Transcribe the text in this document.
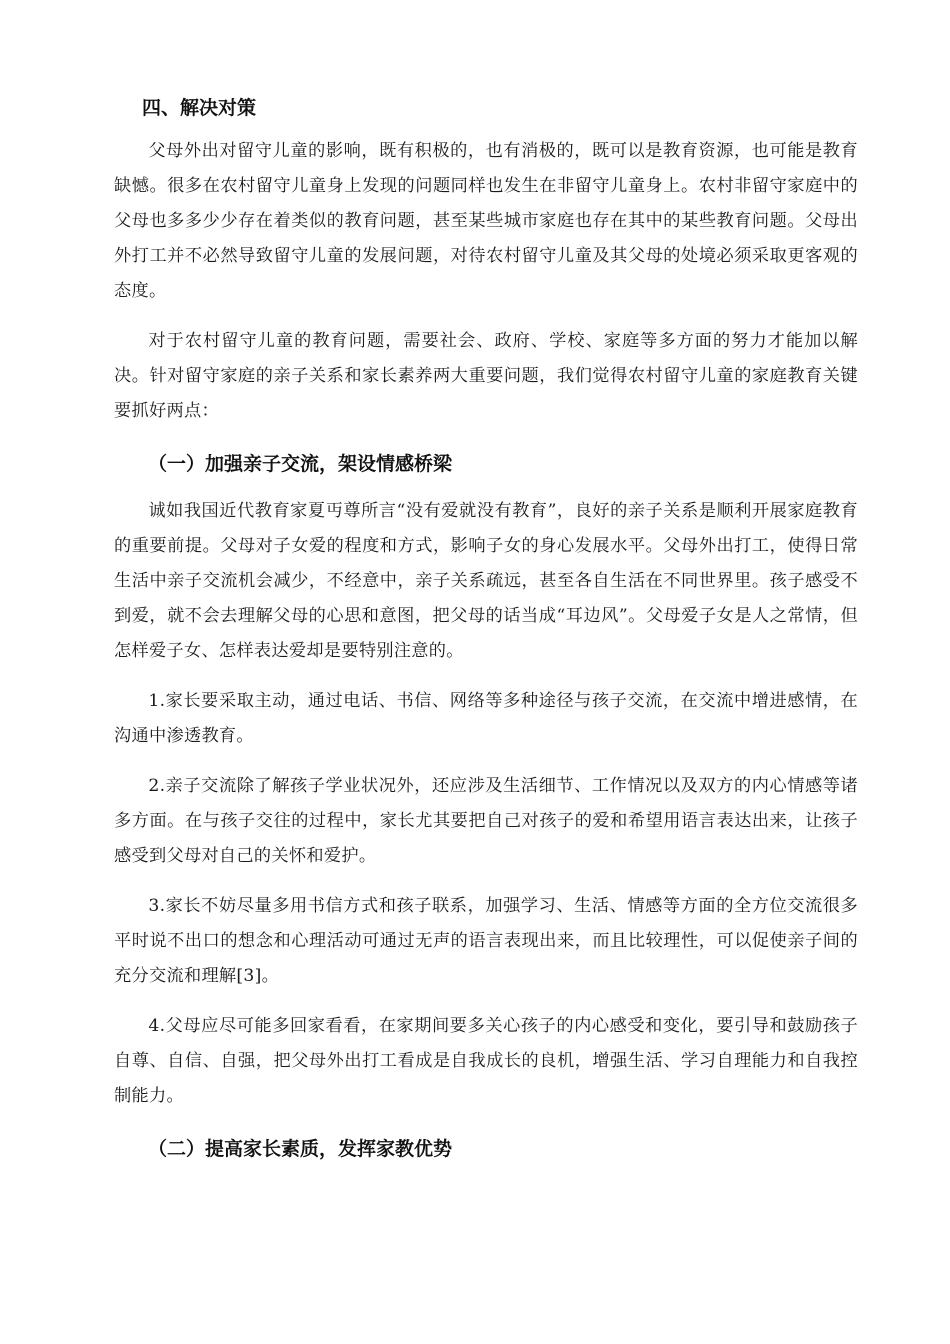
四、解决对策

父母外出对留守儿童的影响，既有积极的，也有消极的，既可以是教育资源，也可能是教育缺憾。很多在农村留守儿童身上发现的问题同样也发生在非留守儿童身上。农村非留守家庭中的父母也多多少少存在着类似的教育问题，甚至某些城市家庭也存在其中的某些教育问题。父母出外打工并不必然导致留守儿童的发展问题，对待农村留守儿童及其父母的处境必须采取更客观的态度。

对于农村留守儿童的教育问题，需要社会、政府、学校、家庭等多方面的努力才能加以解决。针对留守家庭的亲子关系和家长素养两大重要问题，我们觉得农村留守儿童的家庭教育关键要抓好两点：

（一）加强亲子交流，架设情感桥梁

诚如我国近代教育家夏丏尊所言“没有爱就没有教育”，良好的亲子关系是顺利开展家庭教育的重要前提。父母对子女爱的程度和方式，影响子女的身心发展水平。父母外出打工，使得日常生活中亲子交流机会减少，不经意中，亲子关系疏远，甚至各自生活在不同世界里。孩子感受不到爱，就不会去理解父母的心思和意图，把父母的话当成“耳边风”。父母爱子女是人之常情，但怎样爱子女、怎样表达爱却是要特别注意的。

1.家长要采取主动，通过电话、书信、网络等多种途径与孩子交流，在交流中增进感情，在沟通中渗透教育。

2.亲子交流除了解孩子学业状况外，还应涉及生活细节、工作情况以及双方的内心情感等诸多方面。在与孩子交往的过程中，家长尤其要把自己对孩子的爱和希望用语言表达出来，让孩子感受到父母对自己的关怀和爱护。

3.家长不妨尽量多用书信方式和孩子联系，加强学习、生活、情感等方面的全方位交流很多平时说不出口的想念和心理活动可通过无声的语言表现出来，而且比较理性，可以促使亲子间的充分交流和理解[3]。

4.父母应尽可能多回家看看，在家期间要多关心孩子的内心感受和变化，要引导和鼓励孩子自尊、自信、自强，把父母外出打工看成是自我成长的良机，增强生活、学习自理能力和自我控制能力。

（二）提高家长素质，发挥家教优势
